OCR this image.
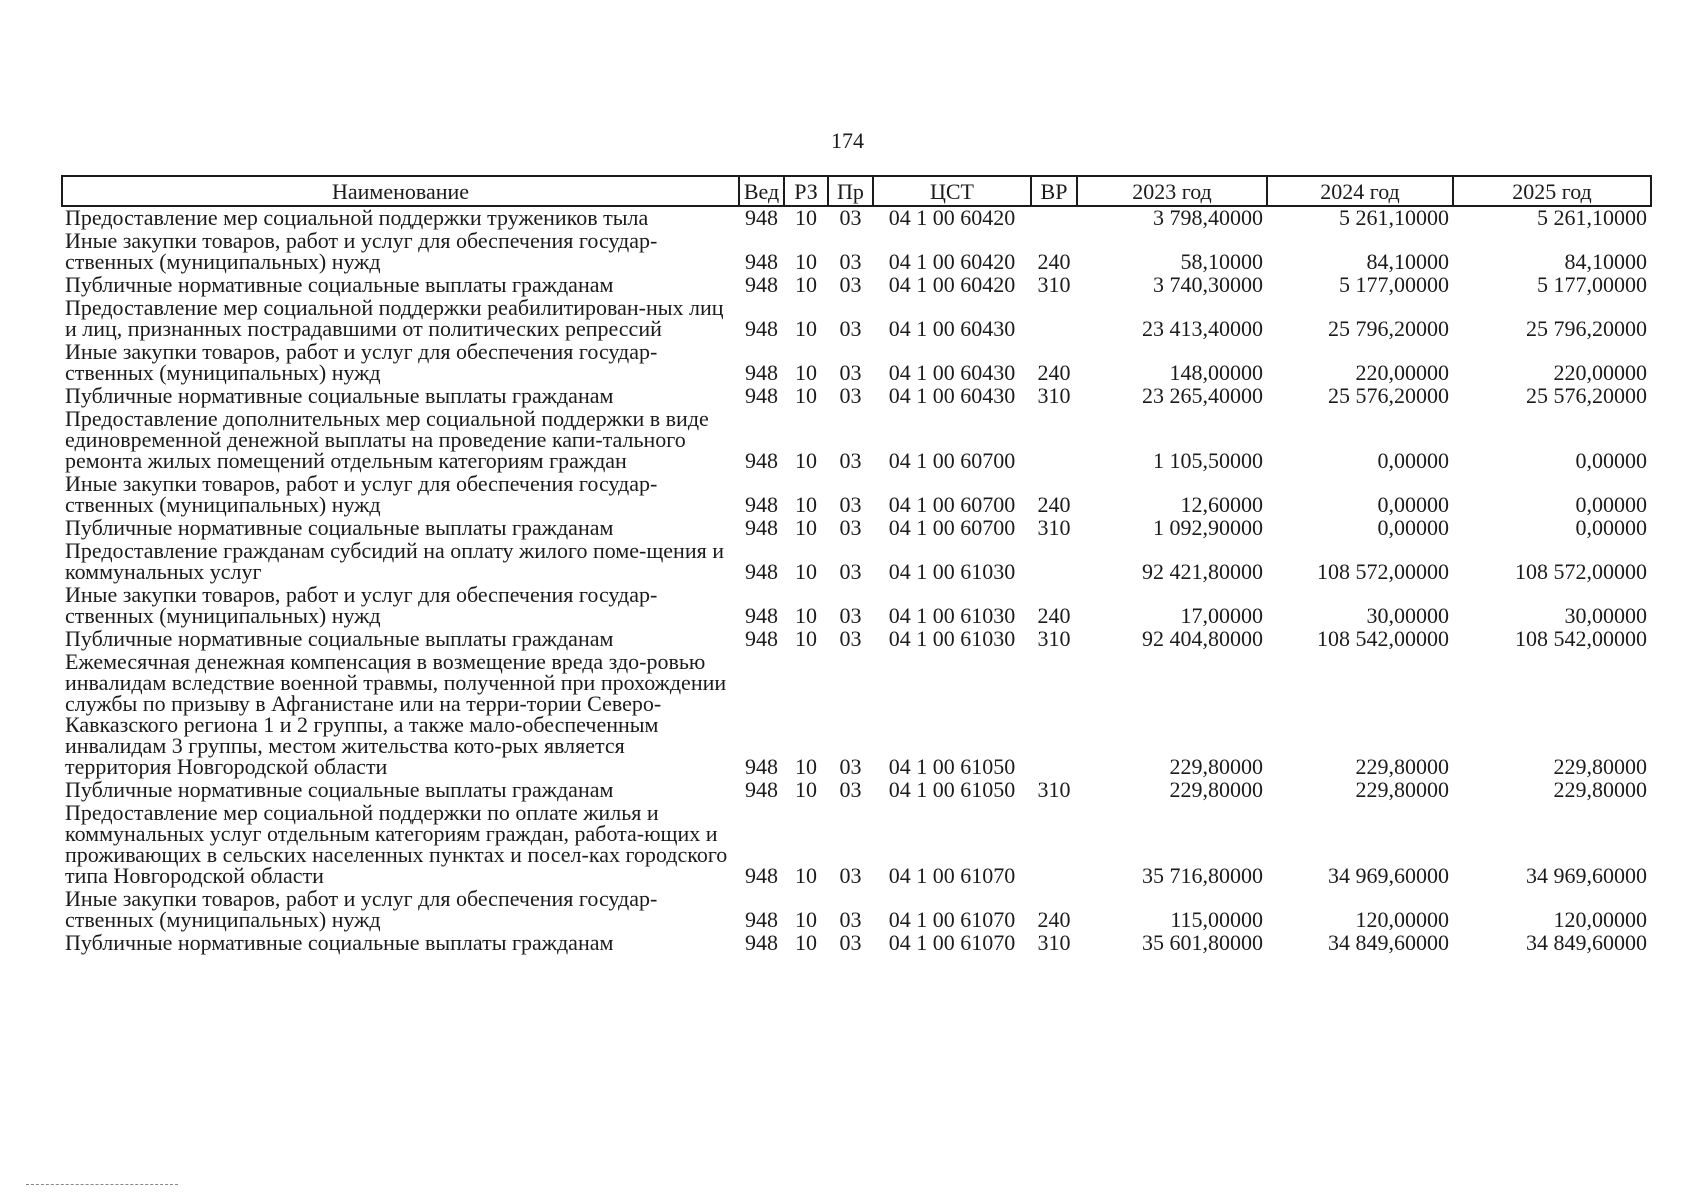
174
Наименование	Вед	РЗ	Пр	ЦСТ	ВР	2023 год	2024 год	2025 год
Предоставление мер социальной поддержки тружеников тыла	948	10	03	04 1 00 60420		3 798,40000	5 261,10000	5 261,10000
Иные закупки товаров, работ и услуг для обеспечения государ-ственных (муниципальных) нужд	948	10	03	04 1 00 60420	240	58,10000	84,10000	84,10000
Публичные нормативные социальные выплаты гражданам	948	10	03	04 1 00 60420	310	3 740,30000	5 177,00000	5 177,00000
Предоставление мер социальной поддержки реабилитирован-ных лиц и лиц, признанных пострадавшими от политических репрессий	948	10	03	04 1 00 60430		23 413,40000	25 796,20000	25 796,20000
Иные закупки товаров, работ и услуг для обеспечения государ-ственных (муниципальных) нужд	948	10	03	04 1 00 60430	240	148,00000	220,00000	220,00000
Публичные нормативные социальные выплаты гражданам	948	10	03	04 1 00 60430	310	23 265,40000	25 576,20000	25 576,20000
Предоставление дополнительных мер социальной поддержки в виде единовременной денежной выплаты на проведение капи-тального ремонта жилых помещений отдельным категориям граждан	948	10	03	04 1 00 60700		1 105,50000	0,00000	0,00000
Иные закупки товаров, работ и услуг для обеспечения государ-ственных (муниципальных) нужд	948	10	03	04 1 00 60700	240	12,60000	0,00000	0,00000
Публичные нормативные социальные выплаты гражданам	948	10	03	04 1 00 60700	310	1 092,90000	0,00000	0,00000
Предоставление гражданам субсидий на оплату жилого поме-щения и коммунальных услуг	948	10	03	04 1 00 61030		92 421,80000	108 572,00000	108 572,00000
Иные закупки товаров, работ и услуг для обеспечения государ-ственных (муниципальных) нужд	948	10	03	04 1 00 61030	240	17,00000	30,00000	30,00000
Публичные нормативные социальные выплаты гражданам	948	10	03	04 1 00 61030	310	92 404,80000	108 542,00000	108 542,00000
Ежемесячная денежная компенсация в возмещение вреда здо-ровью инвалидам вследствие военной травмы, полученной при прохождении службы по призыву в Афганистане или на терри-тории Северо-Кавказского региона 1 и 2 группы, а также мало-обеспеченным инвалидам 3 группы, местом жительства кото-рых является территория Новгородской области	948	10	03	04 1 00 61050		229,80000	229,80000	229,80000
Публичные нормативные социальные выплаты гражданам	948	10	03	04 1 00 61050	310	229,80000	229,80000	229,80000
Предоставление мер социальной поддержки по оплате жилья и коммунальных услуг отдельным категориям граждан, работа-ющих и проживающих в сельских населенных пунктах и посел-ках городского типа Новгородской области	948	10	03	04 1 00 61070		35 716,80000	34 969,60000	34 969,60000
Иные закупки товаров, работ и услуг для обеспечения государ-ственных (муниципальных) нужд	948	10	03	04 1 00 61070	240	115,00000	120,00000	120,00000
Публичные нормативные социальные выплаты гражданам	948	10	03	04 1 00 61070	310	35 601,80000	34 849,60000	34 849,60000
